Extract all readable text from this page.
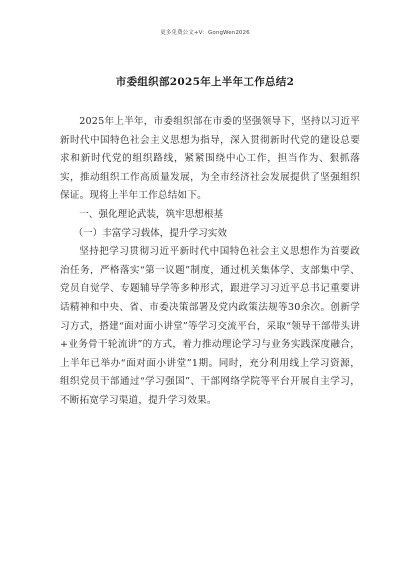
更多免费公文+V：GongWen2026
市委组织部2025年上半年工作总结2

2025年上半年，市委组织部在市委的坚强领导下，坚持以习近平新时代中国特色社会主义思想为指导，深入贯彻新时代党的建设总要求和新时代党的组织路线，紧紧围绕中心工作，担当作为、狠抓落实，推动组织工作高质量发展，为全市经济社会发展提供了坚强组织保证。现将上半年工作总结如下。

一、强化理论武装，筑牢思想根基

（一）丰富学习载体，提升学习实效

坚持把学习贯彻习近平新时代中国特色社会主义思想作为首要政治任务，严格落实“第一议题”制度，通过机关集体学、支部集中学、党员自觉学、专题辅导学等多种形式，跟进学习习近平总书记重要讲话精神和中央、省、市委决策部署及党内政策法规等30余次。创新学习方式，搭建“面对面小讲堂”等学习交流平台，采取“领导干部带头讲+业务骨干轮流讲”的方式，着力推动理论学习与业务实践深度融合，上半年已举办“面对面小讲堂”1期。同时，充分利用线上学习资源，组织党员干部通过“学习强国”、干部网络学院等平台开展自主学习，不断拓宽学习渠道，提升学习效果。
